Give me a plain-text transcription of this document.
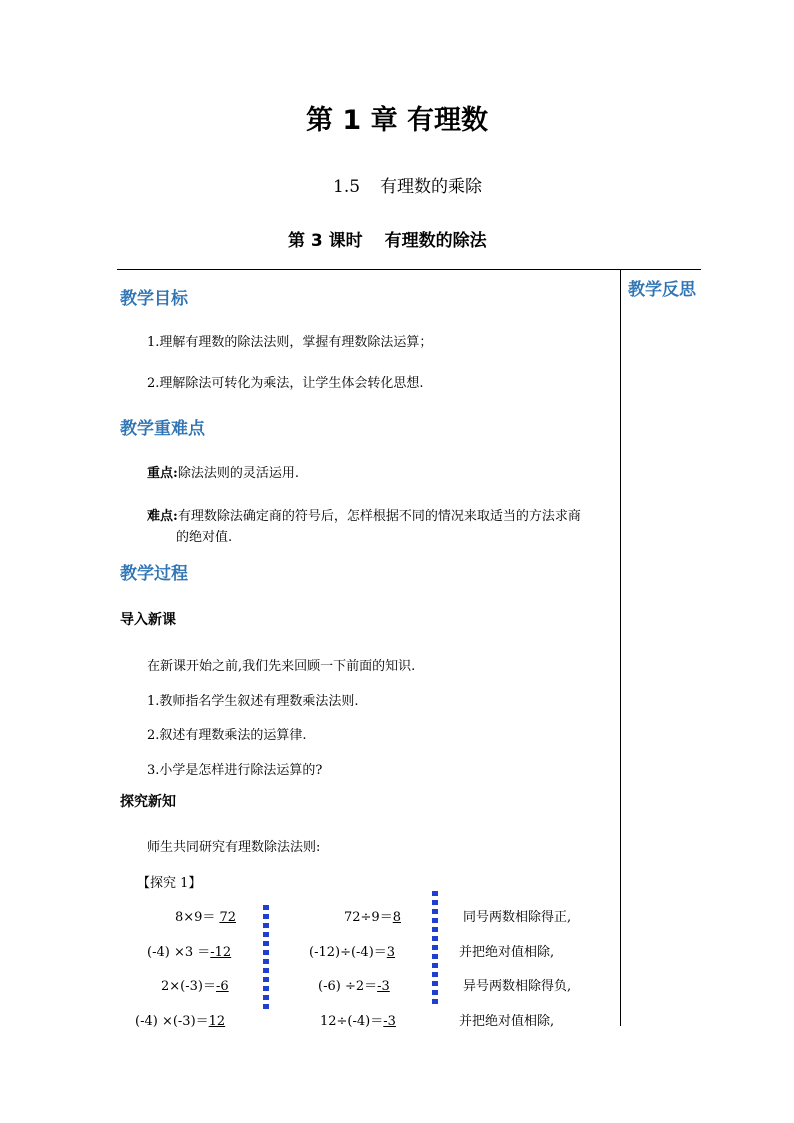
第 1 章 有理数
1.5 有理数的乘除
第 3 课时 有理数的除法
教学反思
教学目标
1.理解有理数的除法法则，掌握有理数除法运算；
2.理解除法可转化为乘法，让学生体会转化思想.
教学重难点
重点:除法法则的灵活运用.
难点:有理数除法确定商的符号后，怎样根据不同的情况来取适当的方法求商
的绝对值.
教学过程
导入新课
在新课开始之前,我们先来回顾一下前面的知识.
1.教师指名学生叙述有理数乘法法则.
2.叙述有理数乘法的运算律.
3.小学是怎样进行除法运算的?
探究新知
师生共同研究有理数除法法则:
【探究 1】
8×9＝ 72
(-4) ×3 ＝-12
2×(-3)＝-6
(-4) ×(-3)＝12
72÷9＝8
(-12)÷(-4)＝3
(-6) ÷2＝-3
12÷(-4)＝-3
同号两数相除得正,
并把绝对值相除,
异号两数相除得负,
并把绝对值相除,
